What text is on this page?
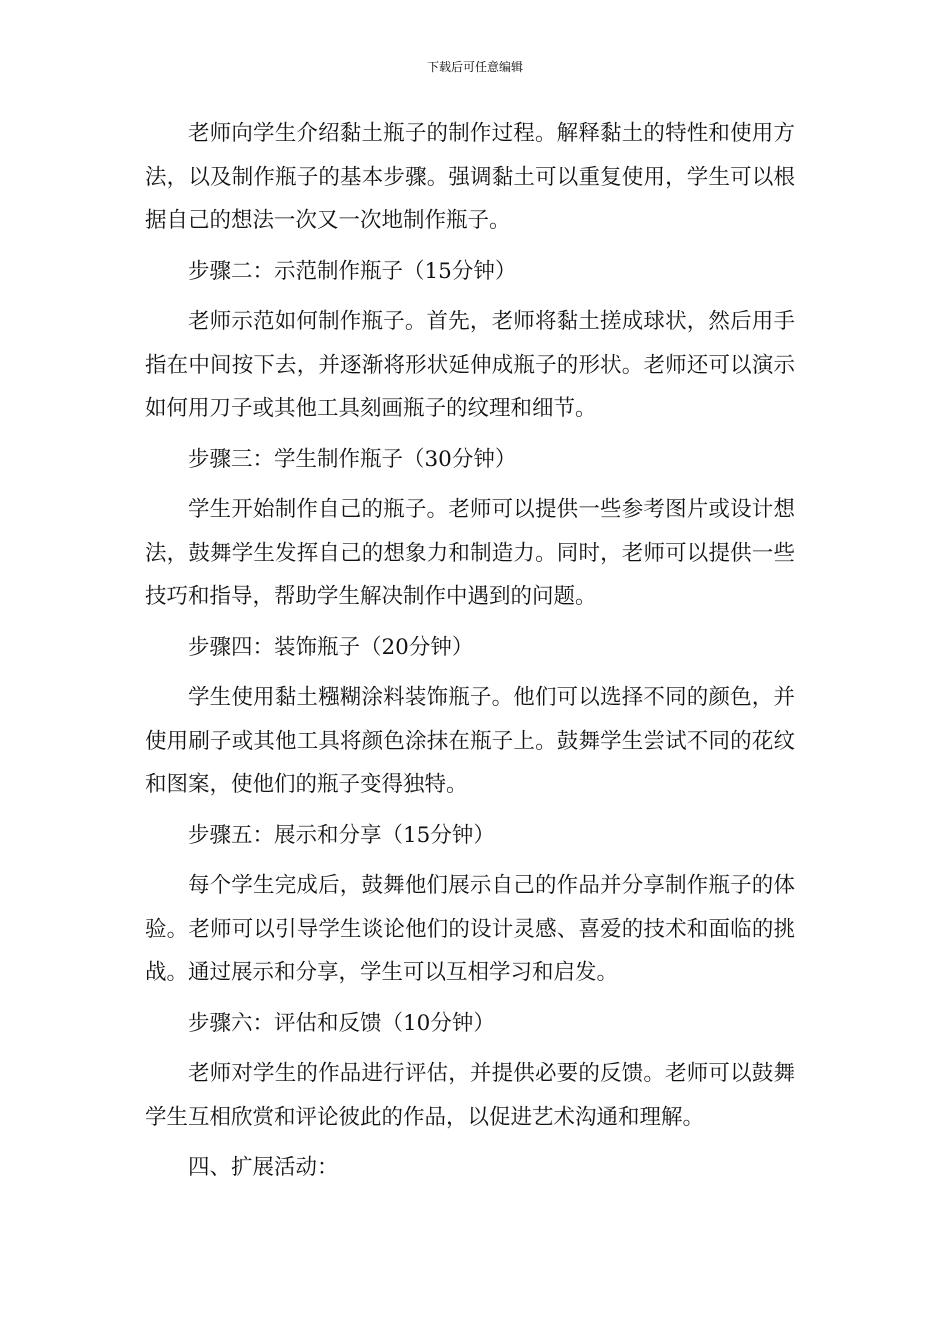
下载后可任意编辑

老师向学生介绍黏土瓶子的制作过程。解释黏土的特性和使用方法，以及制作瓶子的基本步骤。强调黏土可以重复使用，学生可以根据自己的想法一次又一次地制作瓶子。

步骤二：示范制作瓶子（15分钟）

老师示范如何制作瓶子。首先，老师将黏土搓成球状，然后用手指在中间按下去，并逐渐将形状延伸成瓶子的形状。老师还可以演示如何用刀子或其他工具刻画瓶子的纹理和细节。

步骤三：学生制作瓶子（30分钟）

学生开始制作自己的瓶子。老师可以提供一些参考图片或设计想法，鼓舞学生发挥自己的想象力和制造力。同时，老师可以提供一些技巧和指导，帮助学生解决制作中遇到的问题。

步骤四：装饰瓶子（20分钟）

学生使用黏土糨糊涂料装饰瓶子。他们可以选择不同的颜色，并使用刷子或其他工具将颜色涂抹在瓶子上。鼓舞学生尝试不同的花纹和图案，使他们的瓶子变得独特。

步骤五：展示和分享（15分钟）

每个学生完成后，鼓舞他们展示自己的作品并分享制作瓶子的体验。老师可以引导学生谈论他们的设计灵感、喜爱的技术和面临的挑战。通过展示和分享，学生可以互相学习和启发。

步骤六：评估和反馈（10分钟）

老师对学生的作品进行评估，并提供必要的反馈。老师可以鼓舞学生互相欣赏和评论彼此的作品，以促进艺术沟通和理解。

四、扩展活动：
